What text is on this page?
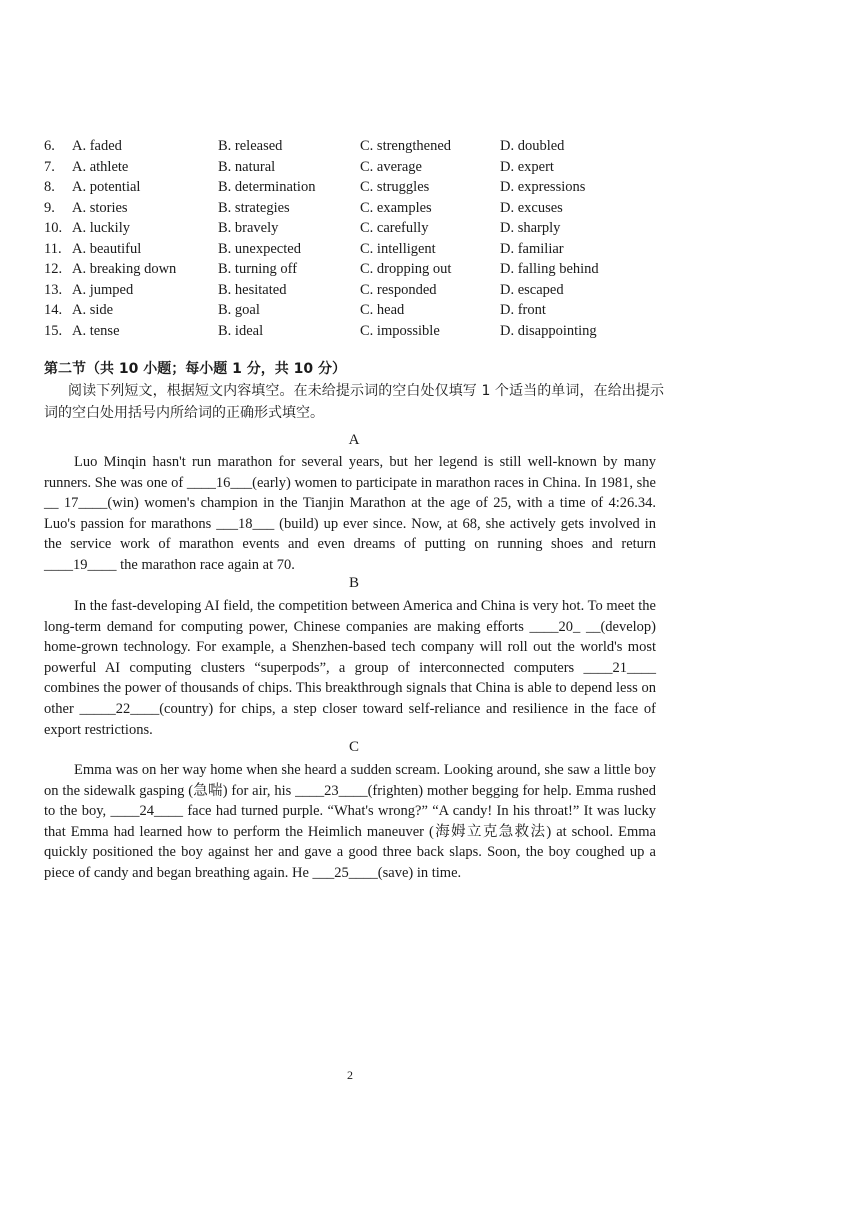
6. A. faded	B. released	C. strengthened	D. doubled
7. A. athlete	B. natural	C. average	D. expert
8. A. potential	B. determination	C. struggles	D. expressions
9. A. stories	B. strategies	C. examples	D. excuses
10. A. luckily	B. bravely	C. carefully	D. sharply
11. A. beautiful	B. unexpected	C. intelligent	D. familiar
12. A. breaking down	B. turning off	C. dropping out	D. falling behind
13. A. jumped	B. hesitated	C. responded	D. escaped
14. A. side	B. goal	C. head	D. front
15. A. tense	B. ideal	C. impossible	D. disappointing
第二节（共 10 小题；每小题 1 分，共 10 分）
阅读下列短文，根据短文内容填空。在未给提示词的空白处仅填写 1 个适当的单词，在给出提示词的空白处用括号内所给词的正确形式填空。
A
Luo Minqin hasn't run marathon for several years, but her legend is still well-known by many runners. She was one of ____16___(early) women to participate in marathon races in China. In 1981, she __ 17____(win) women's champion in the Tianjin Marathon at the age of 25, with a time of 4:26.34. Luo's passion for marathons ___18___ (build) up ever since. Now, at 68, she actively gets involved in the service work of marathon events and even dreams of putting on running shoes and return ____19____ the marathon race again at 70.
B
In the fast-developing AI field, the competition between America and China is very hot. To meet the long-term demand for computing power, Chinese companies are making efforts ____20_ __(develop) home-grown technology. For example, a Shenzhen-based tech company will roll out the world's most powerful AI computing clusters “superpods”, a group of interconnected computers ____21____ combines the power of thousands of chips. This breakthrough signals that China is able to depend less on other _____22____(country) for chips, a step closer toward self-reliance and resilience in the face of export restrictions.
C
Emma was on her way home when she heard a sudden scream. Looking around, she saw a little boy on the sidewalk gasping (急喘) for air, his ____23____(frighten) mother begging for help. Emma rushed to the boy, ____24____ face had turned purple. “What's wrong?” “A candy! In his throat!” It was lucky that Emma had learned how to perform the Heimlich maneuver (海姆立克急救法) at school. Emma quickly positioned the boy against her and gave a good three back slaps. Soon, the boy coughed up a piece of candy and began breathing again. He ___25____(save) in time.
2
